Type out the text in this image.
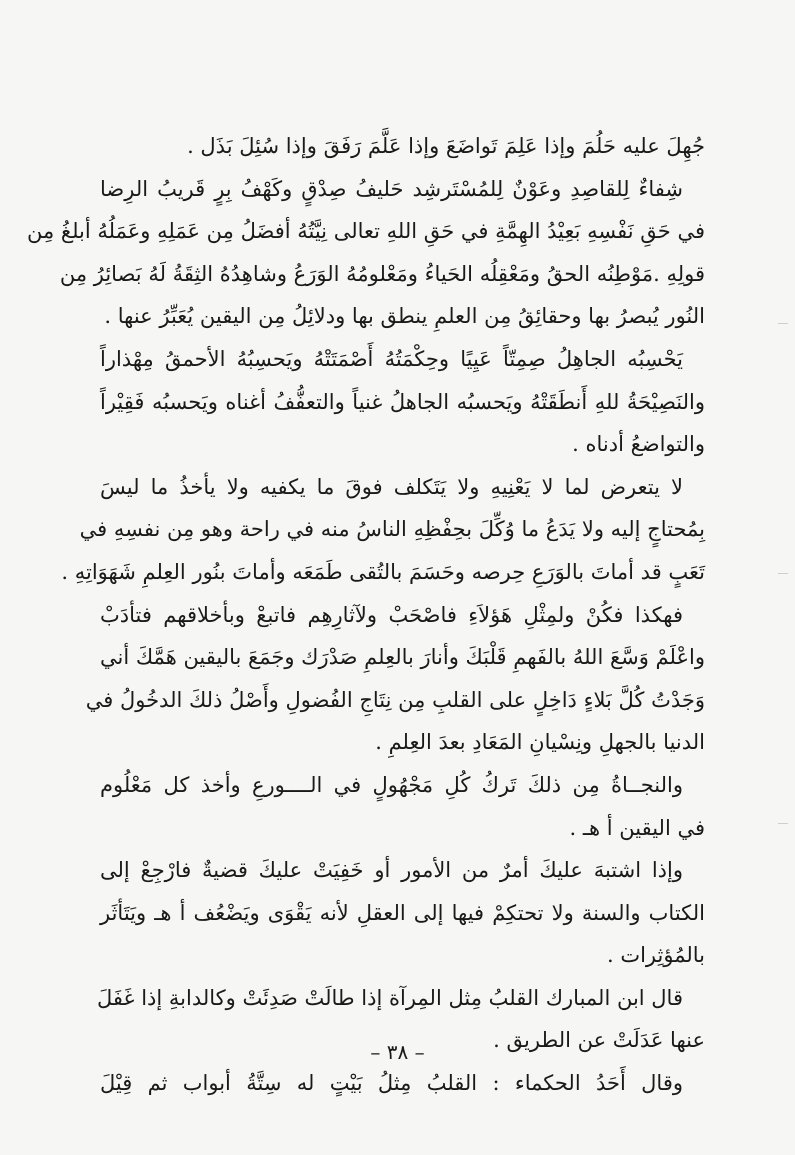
جُهِلَ عليه حَلُمَ وإذا عَلِمَ تَواضَعَ وإذا عَلَّمَ رَفَقَ وإذا سُئِلَ بَذَل .
شِفاءٌ لِلقاصِدِ وعَوْنٌ لِلمُسْتَرشِد حَليفُ صِدْقٍ وكَهْفُ بِرٍ قَريبُ الرِضا
في حَقِ نَفْسِهِ بَعِيْدُ الهِمَّةِ في حَقِ اللهِ تعالى نِيَّتُهُ أفضَلُ مِن عَمَلِهِ وعَمَلُهُ أبلغُ مِن
قولِهِ .مَوْطِنُه الحقُ ومَعْقِلُه الحَياءُ ومَعْلومُهُ الوَرَعُ وشاهِدُهُ الثِقَةُ لَهُ بَصائِرُ مِن
النُور يُبصرُ بها وحقائِقُ مِن العلمِ ينطق بها ودلائِلُ مِن اليقين يُعَبِّرُ عنها .
يَحْسِبُه الجاهِلُ صِمِتّاً عَيِيًا وحِكْمَتُهُ أَصْمَتَتْهُ ويَحسِبُهُ الأحمقُ مِهْذاراً
والنَصِيْحَةُ للهِ أَنطَقَتْهُ ويَحسبُه الجاهلُ غنياً والتعفُّفُ أغناه ويَحسبُه فَقِيْراً
والتواضعُ أدناه .
لا يتعرض لما لا يَعْنِيهِ ولا يَتَكلف فوقَ ما يكفيه ولا يأخذُ ما ليسَ
بِمُحتاجٍ إليه ولا يَدَعُ ما وُكِّلَ بحِفْظِهِ الناسُ منه في راحة وهو مِن نفسِهِ في
تَعَبٍ قد أماتَ بالوَرَعِ حِرصه وحَسَمَ بالتُقى طَمَعَه وأماتَ بنُور العِلمِ شَهَوَاتِهِ .
فهكذا فكُنْ ولمِثْلِ هَؤلاَءِ فاصْحَبْ ولآثارِهِم فاتبعْ وبأخلاقهم فتأدَبْ
واعْلَمْ وَسَّعَ اللهُ بالفَهمِ قَلْبَكَ وأنارَ بالعِلمِ صَدْرَك وجَمَعَ باليقين هَمَّكَ أني
وَجَدْتُ كُلَّ بَلاءٍ دَاخِلٍ على القلبِ مِن نِتَاجِ الفُضولِ وأَصْلُ ذلكَ الدخُولُ في
الدنيا بالجهلِ ونِسْيانِ المَعَادِ بعدَ العِلمِ .
والنجــاةُ مِن ذلكَ تَركُ كُلِ مَجْهُولٍ في الــــورعِ وأخذ كل مَعْلُوم
في اليقين أ هـ .
وإذا اشتبهَ عليكَ أمرٌ من الأمور أو خَفِيَتْ عليكَ قضيةٌ فارْجِعْ إلى
الكتاب والسنة ولا تحتكِمْ فيها إلى العقلِ لأنه يَقْوَى ويَضْعُف أ هـ ويَتَأثَر
بالمُؤثِرات .
قال ابن المبارك القلبُ مِثل المِرآة إذا طالَتْ صَدِئَتْ وكالدابةِ إذا غَفَلَ
عنها عَدَلَتْ عن الطريق .
وقال أَحَدُ الحكماء : القلبُ مِثلُ بَيْتٍ له سِتَّةُ أبواب ثم قِيْلَ
– ٣٨ –
